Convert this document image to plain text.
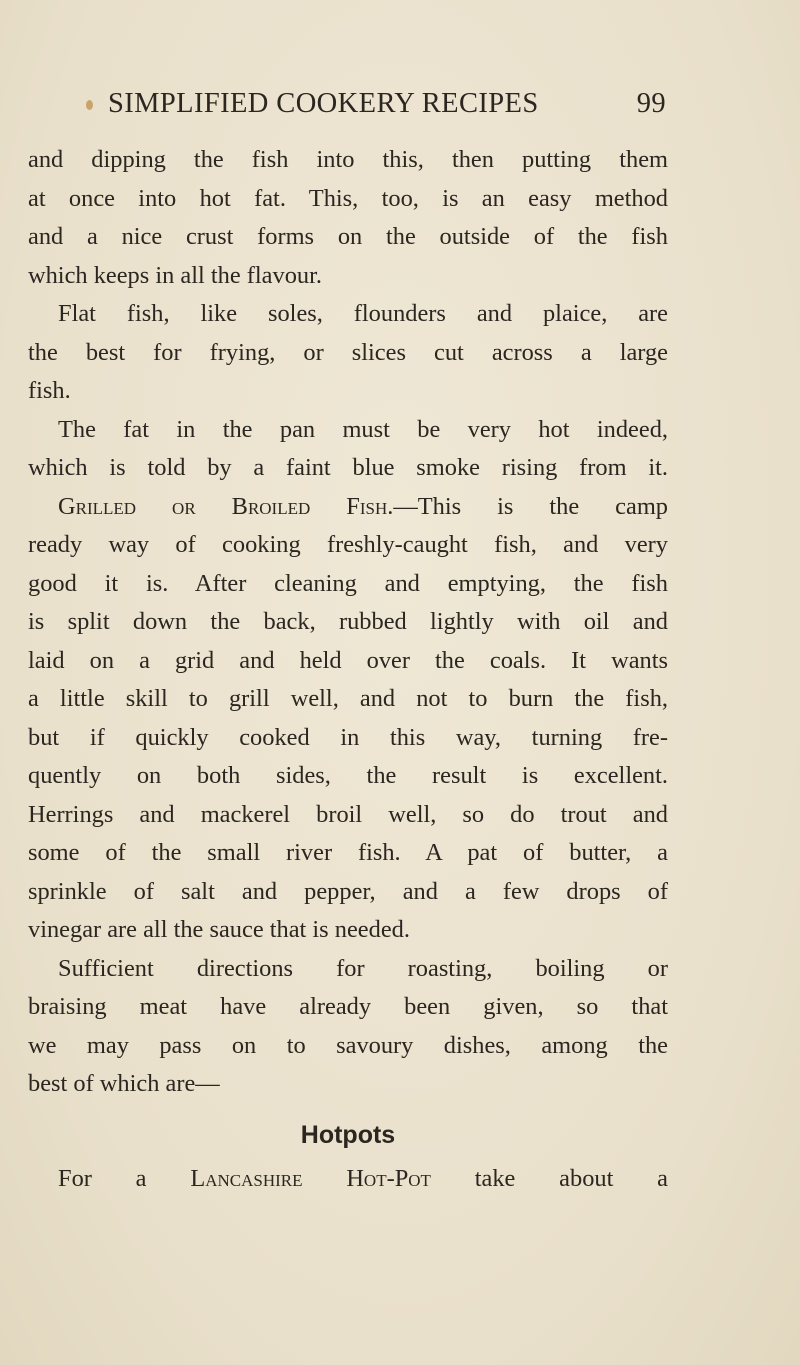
SIMPLIFIED COOKERY RECIPES	99
and dipping the fish into this, then putting them
at once into hot fat. This, too, is an easy method
and a nice crust forms on the outside of the fish
which keeps in all the flavour.
Flat fish, like soles, flounders and plaice, are
the best for frying, or slices cut across a large
fish.
The fat in the pan must be very hot indeed,
which is told by a faint blue smoke rising from it.
Grilled or Broiled Fish.—This is the camp
ready way of cooking freshly-caught fish, and very
good it is. After cleaning and emptying, the fish
is split down the back, rubbed lightly with oil and
laid on a grid and held over the coals. It wants
a little skill to grill well, and not to burn the fish,
but if quickly cooked in this way, turning fre-
quently on both sides, the result is excellent.
Herrings and mackerel broil well, so do trout and
some of the small river fish. A pat of butter, a
sprinkle of salt and pepper, and a few drops of
vinegar are all the sauce that is needed.
Sufficient directions for roasting, boiling or
braising meat have already been given, so that
we may pass on to savoury dishes, among the
best of which are—
Hotpots
For a Lancashire Hot-Pot take about a
